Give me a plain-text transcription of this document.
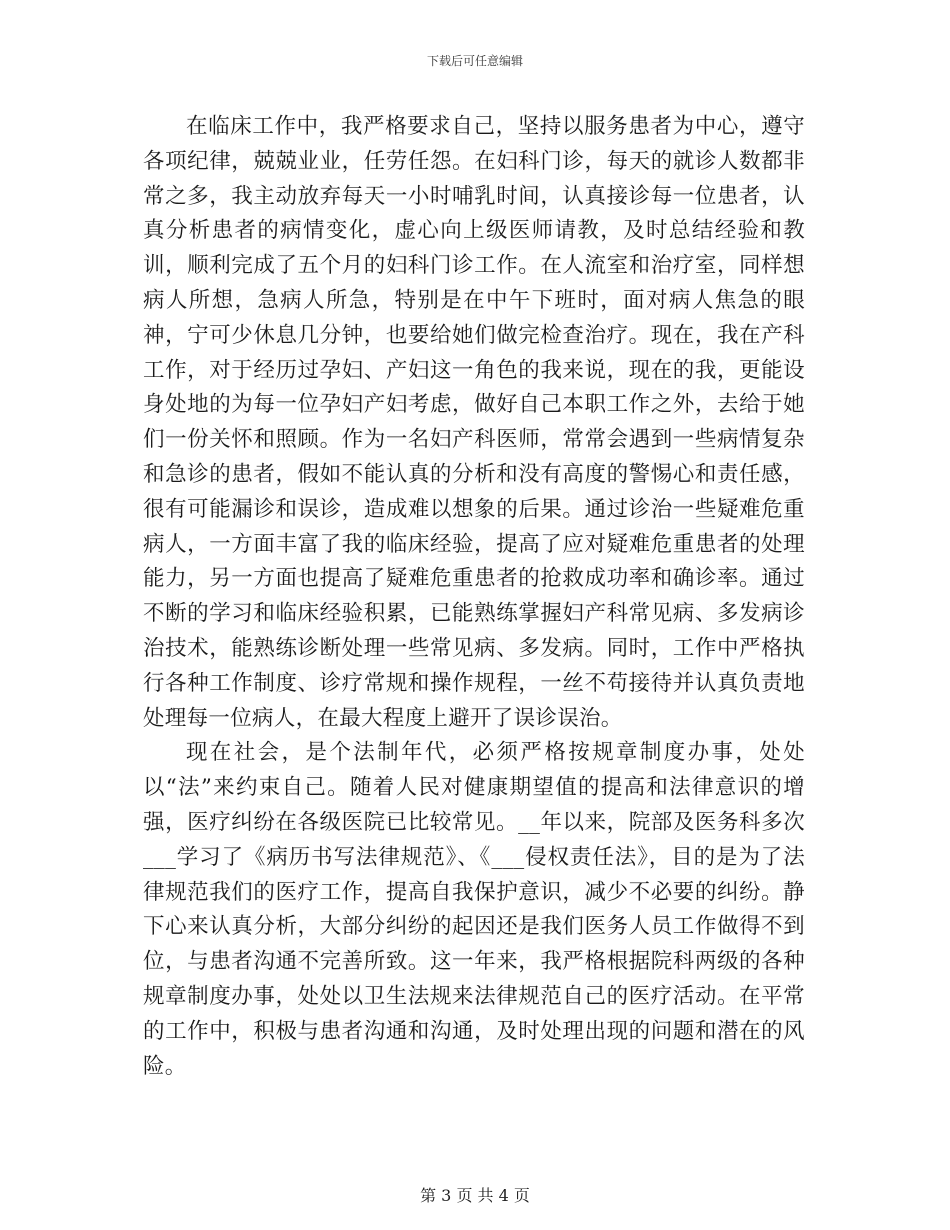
下载后可任意编辑

在临床工作中，我严格要求自己，坚持以服务患者为中心，遵守各项纪律，兢兢业业，任劳任怨。在妇科门诊，每天的就诊人数都非常之多，我主动放弃每天一小时哺乳时间，认真接诊每一位患者，认真分析患者的病情变化，虚心向上级医师请教，及时总结经验和教训，顺利完成了五个月的妇科门诊工作。在人流室和治疗室，同样想病人所想，急病人所急，特别是在中午下班时，面对病人焦急的眼神，宁可少休息几分钟，也要给她们做完检查治疗。现在，我在产科工作，对于经历过孕妇、产妇这一角色的我来说，现在的我，更能设身处地的为每一位孕妇产妇考虑，做好自己本职工作之外，去给于她们一份关怀和照顾。作为一名妇产科医师，常常会遇到一些病情复杂和急诊的患者，假如不能认真的分析和没有高度的警惕心和责任感，很有可能漏诊和误诊，造成难以想象的后果。通过诊治一些疑难危重病人，一方面丰富了我的临床经验，提高了应对疑难危重患者的处理能力，另一方面也提高了疑难危重患者的抢救成功率和确诊率。通过不断的学习和临床经验积累，已能熟练掌握妇产科常见病、多发病诊治技术，能熟练诊断处理一些常见病、多发病。同时，工作中严格执行各种工作制度、诊疗常规和操作规程，一丝不苟接待并认真负责地处理每一位病人，在最大程度上避开了误诊误治。

现在社会，是个法制年代，必须严格按规章制度办事，处处以“法”来约束自己。随着人民对健康期望值的提高和法律意识的增强，医疗纠纷在各级医院已比较常见。__年以来，院部及医务科多次___学习了《病历书写法律规范》、《___侵权责任法》，目的是为了法律规范我们的医疗工作，提高自我保护意识，减少不必要的纠纷。静下心来认真分析，大部分纠纷的起因还是我们医务人员工作做得不到位，与患者沟通不完善所致。这一年来，我严格根据院科两级的各种规章制度办事，处处以卫生法规来法律规范自己的医疗活动。在平常的工作中，积极与患者沟通和沟通，及时处理出现的问题和潜在的风险。

第 3 页 共 4 页
